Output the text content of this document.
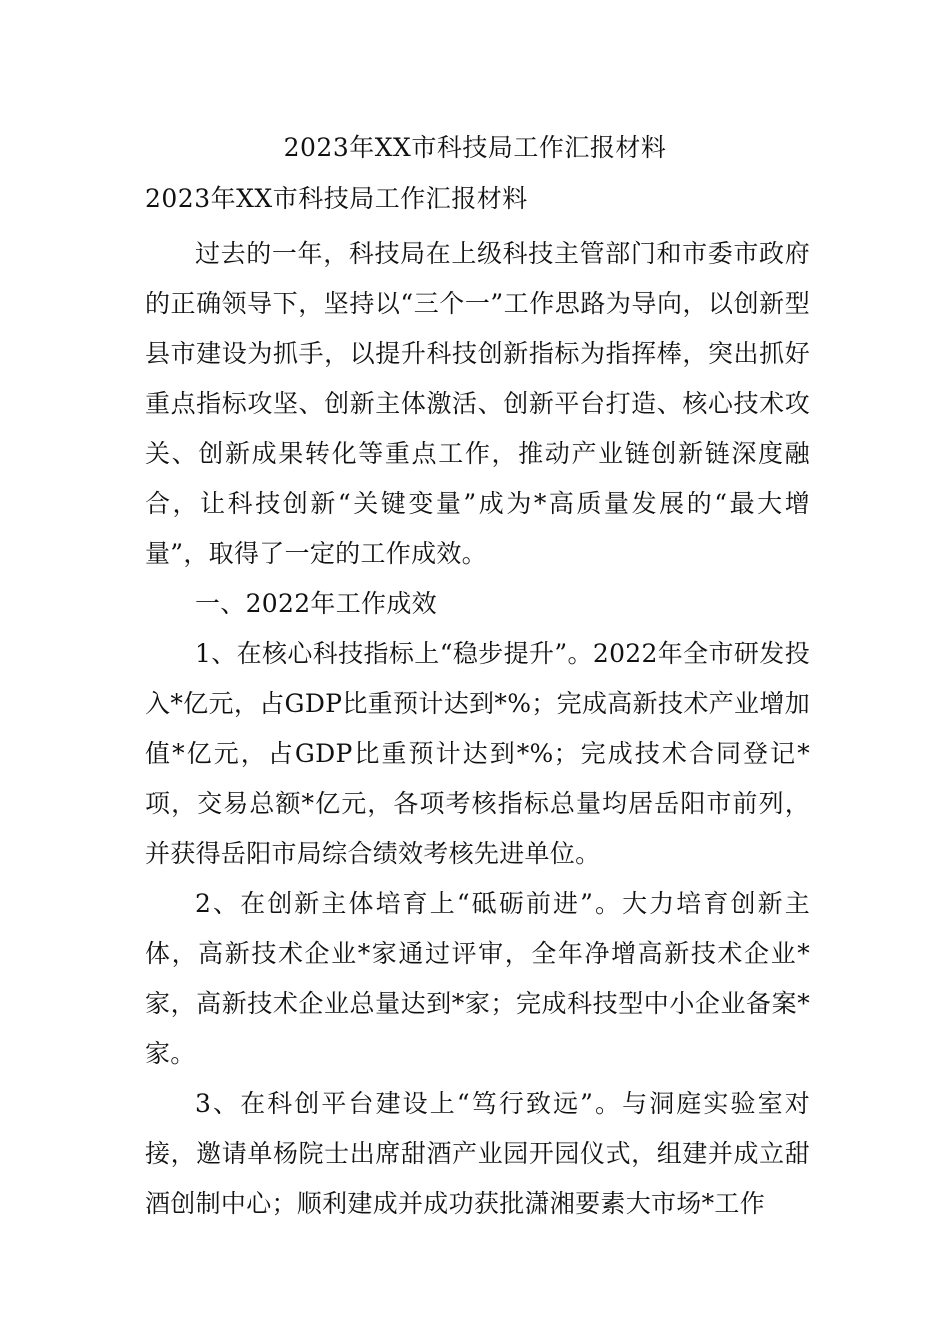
2023年XX市科技局工作汇报材料
2023年XX市科技局工作汇报材料

过去的一年，科技局在上级科技主管部门和市委市政府的正确领导下，坚持以“三个一”工作思路为导向，以创新型县市建设为抓手，以提升科技创新指标为指挥棒，突出抓好重点指标攻坚、创新主体激活、创新平台打造、核心技术攻关、创新成果转化等重点工作，推动产业链创新链深度融合，让科技创新“关键变量”成为*高质量发展的“最大增量”，取得了一定的工作成效。

一、2022年工作成效

1、在核心科技指标上“稳步提升”。2022年全市研发投入*亿元，占GDP比重预计达到*%；完成高新技术产业增加值*亿元，占GDP比重预计达到*%；完成技术合同登记*项，交易总额*亿元，各项考核指标总量均居岳阳市前列，并获得岳阳市局综合绩效考核先进单位。

2、在创新主体培育上“砥砺前进”。大力培育创新主体，高新技术企业*家通过评审，全年净增高新技术企业*家，高新技术企业总量达到*家；完成科技型中小企业备案*家。

3、在科创平台建设上“笃行致远”。与洞庭实验室对接，邀请单杨院士出席甜酒产业园开园仪式，组建并成立甜酒创制中心；顺利建成并成功获批潇湘要素大市场*工作
